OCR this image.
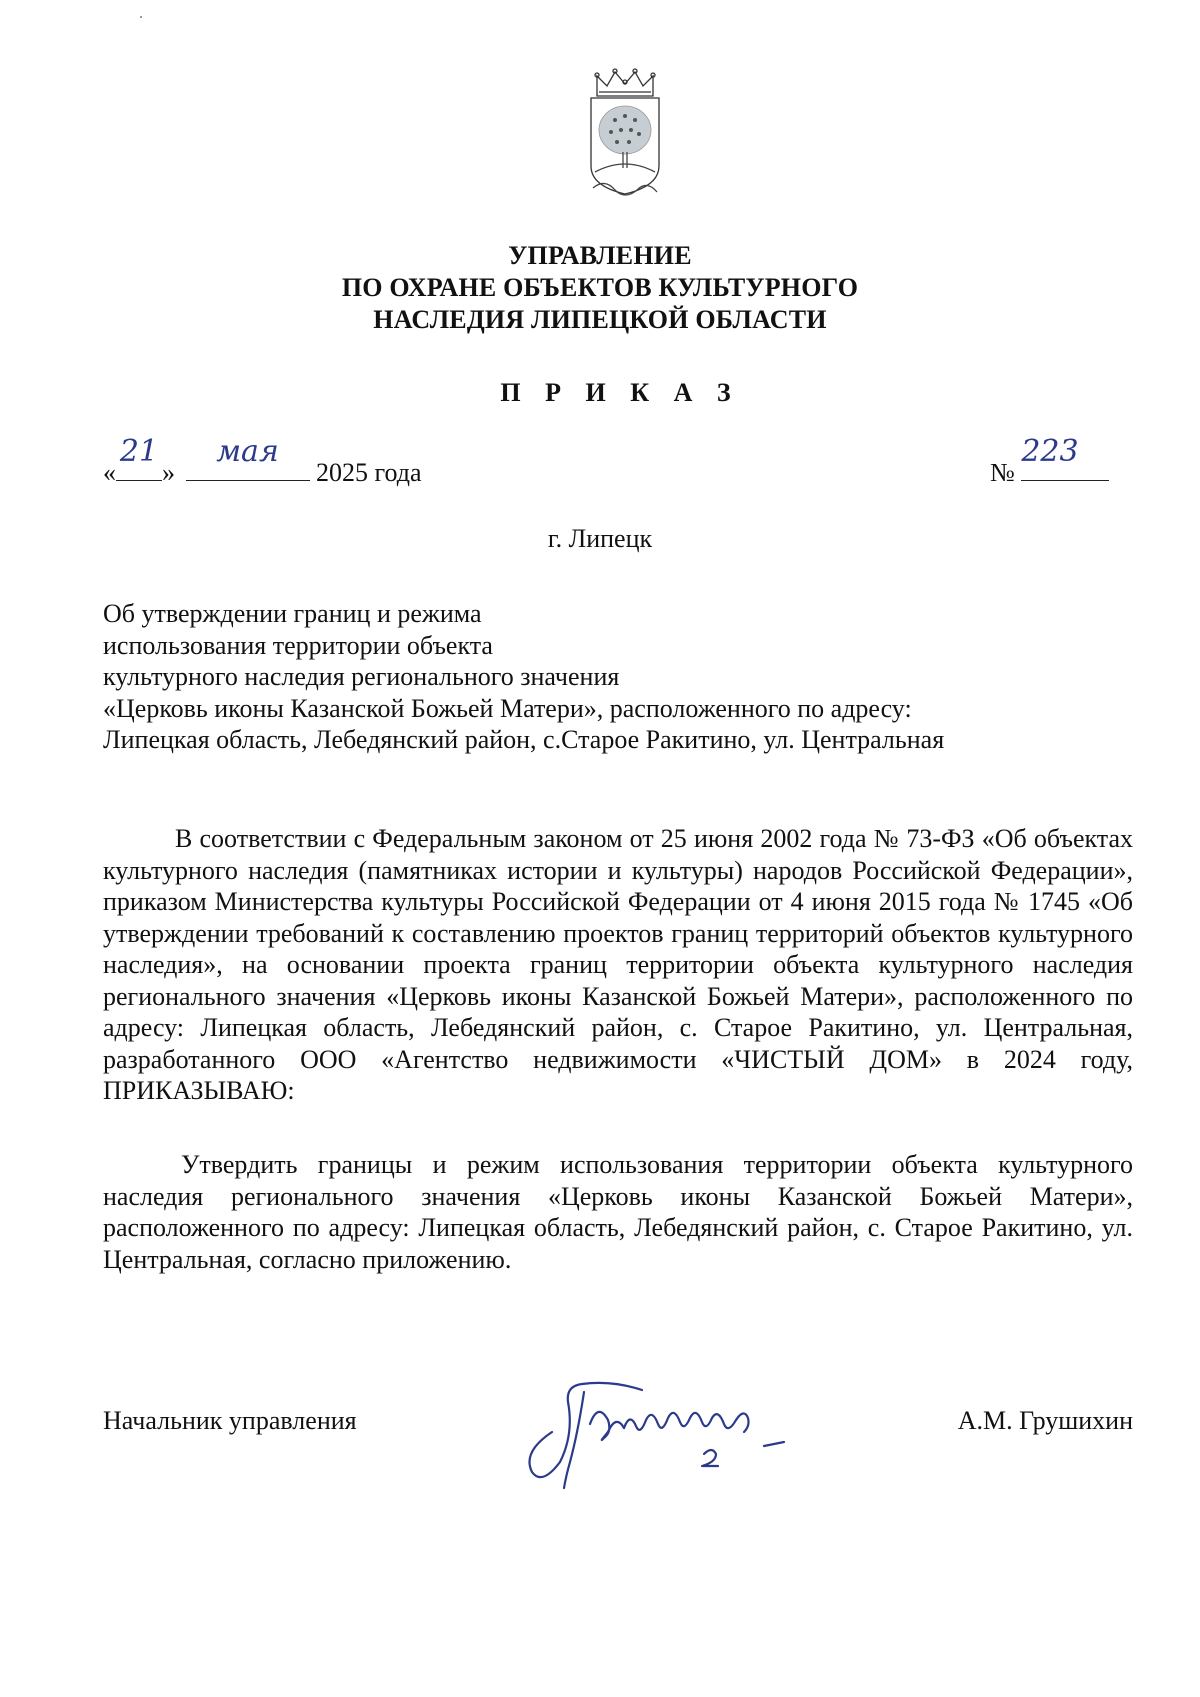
УПРАВЛЕНИЕ
ПО ОХРАНЕ ОБЪЕКТОВ КУЛЬТУРНОГО
НАСЛЕДИЯ ЛИПЕЦКОЙ ОБЛАСТИ
П Р И К А З
«
21
»
мая
2025 года	№
223
г. Липецк
Об утверждении границ и режима
использования территории объекта
культурного наследия регионального значения
«Церковь иконы Казанской Божьей Матери», расположенного по адресу:
Липецкая область, Лебедянский район, с.Старое Ракитино, ул. Центральная
В соответствии с Федеральным законом от 25 июня 2002 года № 73-ФЗ «Об объектах культурного наследия (памятниках истории и культуры) народов Российской Федерации», приказом Министерства культуры Российской Федерации от 4 июня 2015 года № 1745 «Об утверждении требований к составлению проектов границ территорий объектов культурного наследия», на основании проекта границ территории объекта культурного наследия регионального значения «Церковь иконы Казанской Божьей Матери», расположенного по адресу: Липецкая область, Лебедянский район, с. Старое Ракитино, ул. Центральная, разработанного ООО «Агентство недвижимости «ЧИСТЫЙ ДОМ» в 2024 году, ПРИКАЗЫВАЮ:
Утвердить границы и режим использования территории объекта культурного наследия регионального значения «Церковь иконы Казанской Божьей Матери», расположенного по адресу: Липецкая область, Лебедянский район, с. Старое Ракитино, ул. Центральная, согласно приложению.
Начальник управления	А.М. Грушихин
